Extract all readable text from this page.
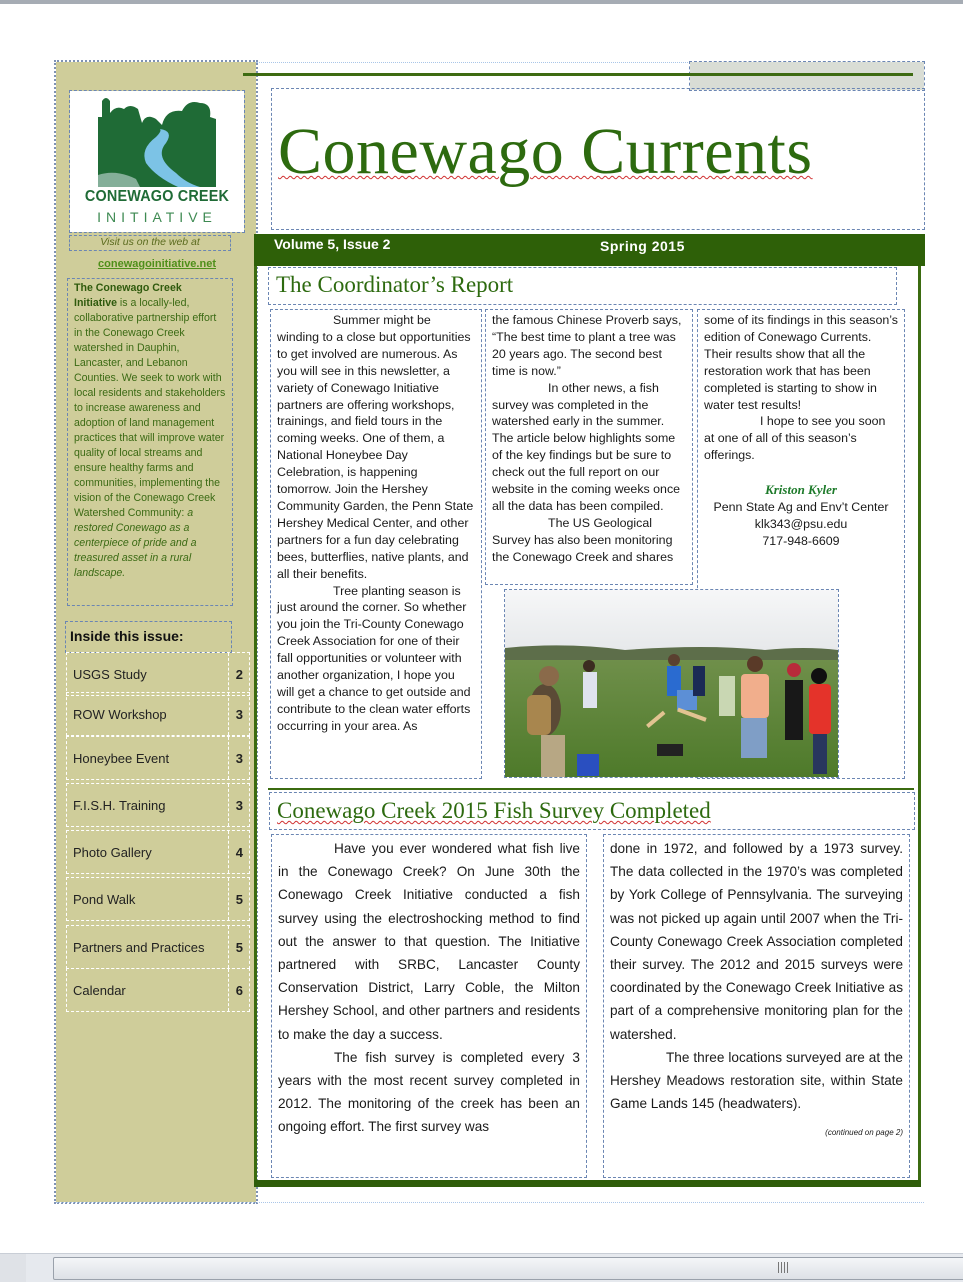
CONEWAGO CREEK
INITIATIVE
Visit us on the web at
conewagoinitiative.net
The Conewago Creek Initiative is a locally-led, collaborative partnership effort in the Conewago Creek watershed in Dauphin, Lancaster, and Lebanon Counties. We seek to work with local residents and stakeholders to increase awareness and adoption of land management practices that will improve water quality of local streams and ensure healthy farms and communities, implementing the vision of the Conewago Creek Watershed Community: a restored Conewago as a centerpiece of pride and a treasured asset in a rural landscape.
Inside this issue:
USGS Study	2
ROW Workshop	3
Honeybee Event	3
F.I.S.H. Training	3
Photo Gallery	4
Pond Walk	5
Partners and Practices	5
Calendar	6
Conewago Currents
Volume 5, Issue 2	Spring 2015
The Coordinator’s Report

Summer might be winding to a close but opportunities to get involved are numerous. As you will see in this newsletter, a variety of Conewago Initiative partners are offering workshops, trainings, and field tours in the coming weeks. One of them, a National Honeybee Day Celebration, is happening tomorrow. Join the Hershey Community Garden, the Penn State Hershey Medical Center, and other partners for a fun day celebrating bees, butterflies, native plants, and all their benefits.

Tree planting season is just around the corner. So whether you join the Tri-County Conewago Creek Association for one of their fall opportunities or volunteer with another organization, I hope you will get a chance to get outside and contribute to the clean water efforts occurring in your area. As

the famous Chinese Proverb says, “The best time to plant a tree was 20 years ago. The second best time is now.”

In other news, a fish survey was completed in the watershed early in the summer. The article below highlights some of the key findings but be sure to check out the full report on our website in the coming weeks once all the data has been compiled.

The US Geological Survey has also been monitoring the Conewago Creek and shares

some of its findings in this season’s edition of Conewago Currents. Their results show that all the restoration work that has been completed is starting to show in water test results!

I hope to see you soon at one of all of this season’s offerings.

Kriston Kyler
Penn State Ag and Env’t Center
klk343@psu.edu
717-948-6609
Conewago Creek 2015 Fish Survey Completed

Have you ever wondered what fish live in the Conewago Creek? On June 30th the Conewago Creek Initiative conducted a fish survey using the electroshocking method to find out the answer to that question. The Initiative partnered with SRBC, Lancaster County Conservation District, Larry Coble, the Milton Hershey School, and other partners and residents to make the day a success.

The fish survey is completed every 3 years with the most recent survey completed in 2012. The monitoring of the creek has been an ongoing effort. The first survey was

done in 1972, and followed by a 1973 survey. The data collected in the 1970’s was completed by York College of Pennsylvania. The surveying was not picked up again until 2007 when the Tri-County Conewago Creek Association completed their survey. The 2012 and 2015 surveys were coordinated by the Conewago Creek Initiative as part of a comprehensive monitoring plan for the watershed.

The three locations surveyed are at the Hershey Meadows restoration site, within State Game Lands 145 (headwaters).

(continued on page 2)
